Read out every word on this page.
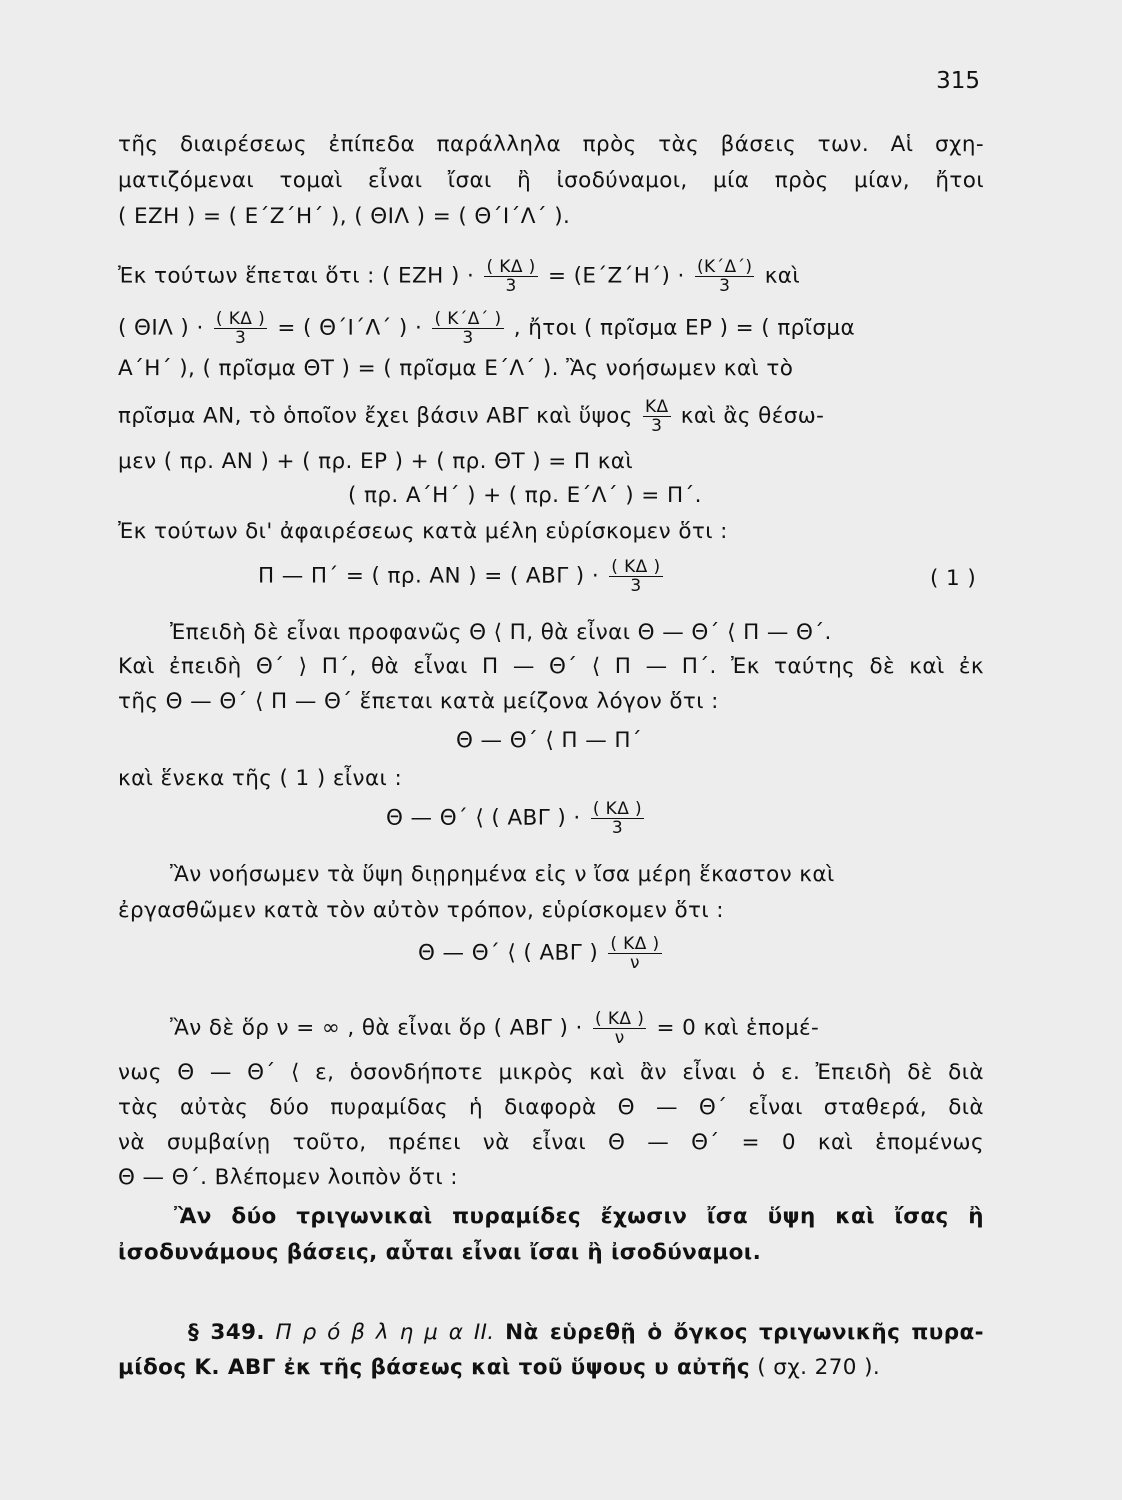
315
τῆς διαιρέσεως ἐπίπεδα παράλληλα πρὸς τὰς βάσεις των. Αἱ σχη-
ματιζόμεναι τομαὶ εἶναι ἴσαι ἢ ἰσοδύναμοι, μία πρὸς μίαν, ἤτοι
( ΕΖΗ ) = ( Ε΄Ζ΄Η΄ ), ( ΘΙΛ ) = ( Θ΄Ι΄Λ΄ ).
Ἐκ τούτων ἕπεται ὅτι : ( ΕΖΗ ) · $\frac{( K\Delta )}{3} = (E΄Z΄H΄) \cdot \frac{(K΄\Delta΄)}{3}$ καὶ
( ΘΙΛ ) · $\frac{( K\Delta )}{3}$ = ( Θ΄Ι΄Λ΄ ) · $\frac{( K΄\Delta΄ )}{3}$ , ἤτοι ( πρῖσμα ΕΡ ) = ( πρῖσμα
Α΄Η΄ ), ( πρῖσμα ΘΤ ) = ( πρῖσμα Ε΄Λ΄ ). Ἂς νοήσωμεν καὶ τὸ
πρῖσμα ΑΝ, τὸ ὁποῖον ἔχει βάσιν ΑΒΓ καὶ ὕψος $\frac{K\Delta}{3}$ καὶ ἂς θέσω-
μεν ( πρ. ΑΝ ) + ( πρ. ΕΡ ) + ( πρ. ΘΤ ) = Π καὶ
( πρ. Α΄Η΄ ) + ( πρ. Ε΄Λ΄ ) = Π΄.
Ἐκ τούτων δι' ἀφαιρέσεως κατὰ μέλη εὑρίσκομεν ὅτι :
Π — Π΄ = ( πρ. ΑΝ ) = ( ΑΒΓ ) · $\frac{( K\Delta )}{3}$	( 1 )
Ἐπειδὴ δὲ εἶναι προφανῶς Θ ⟨ Π, θὰ εἶναι Θ — Θ΄ ⟨ Π — Θ΄.
Καὶ ἐπειδὴ Θ΄ ⟩ Π΄, θὰ εἶναι Π — Θ΄ ⟨ Π — Π΄. Ἐκ ταύτης δὲ καὶ ἐκ
τῆς Θ — Θ΄ ⟨ Π — Θ΄ ἕπεται κατὰ μείζονα λόγον ὅτι :
Θ — Θ΄ ⟨ Π — Π΄
καὶ ἕνεκα τῆς ( 1 ) εἶναι :
Θ — Θ΄ ⟨ ( ΑΒΓ ) · $\frac{( K\Delta )}{3}$
Ἂν νοήσωμεν τὰ ὕψη διῃρημένα εἰς ν ἴσα μέρη ἕκαστον καὶ
ἐργασθῶμεν κατὰ τὸν αὐτὸν τρόπον, εὑρίσκομεν ὅτι :
Θ — Θ΄ ⟨ ( ΑΒΓ ) $\frac{( K\Delta )}{\nu}$
Ἂν δὲ ὅρ ν = ∞ , θὰ εἶναι ὅρ ( ΑΒΓ ) · $\frac{( K\Delta )}{\nu} = 0$ καὶ ἑπομέ-
νως Θ — Θ΄ ⟨ ε, ὁσονδήποτε μικρὸς καὶ ἂν εἶναι ὁ ε. Ἐπειδὴ δὲ διὰ
τὰς αὐτὰς δύο πυραμίδας ἡ διαφορὰ Θ — Θ΄ εἶναι σταθερά, διὰ
νὰ συμβαίνῃ τοῦτο, πρέπει νὰ εἶναι Θ — Θ΄ = 0 καὶ ἑπομένως
Θ — Θ΄. Βλέπομεν λοιπὸν ὅτι :
Ἂν δύο τριγωνικαὶ πυραμίδες ἔχωσιν ἴσα ὕψη καὶ ἴσας ἢ
ἰσοδυνάμους βάσεις, αὗται εἶναι ἴσαι ἢ ἰσοδύναμοι.
§ 349. Π ρ ό β λ η μ α ΙΙ. Νὰ εὑρεθῇ ὁ ὄγκος τριγωνικῆς πυρα-
μίδος Κ. ΑΒΓ ἐκ τῆς βάσεως καὶ τοῦ ὕψους υ αὐτῆς ( σχ. 270 ).
